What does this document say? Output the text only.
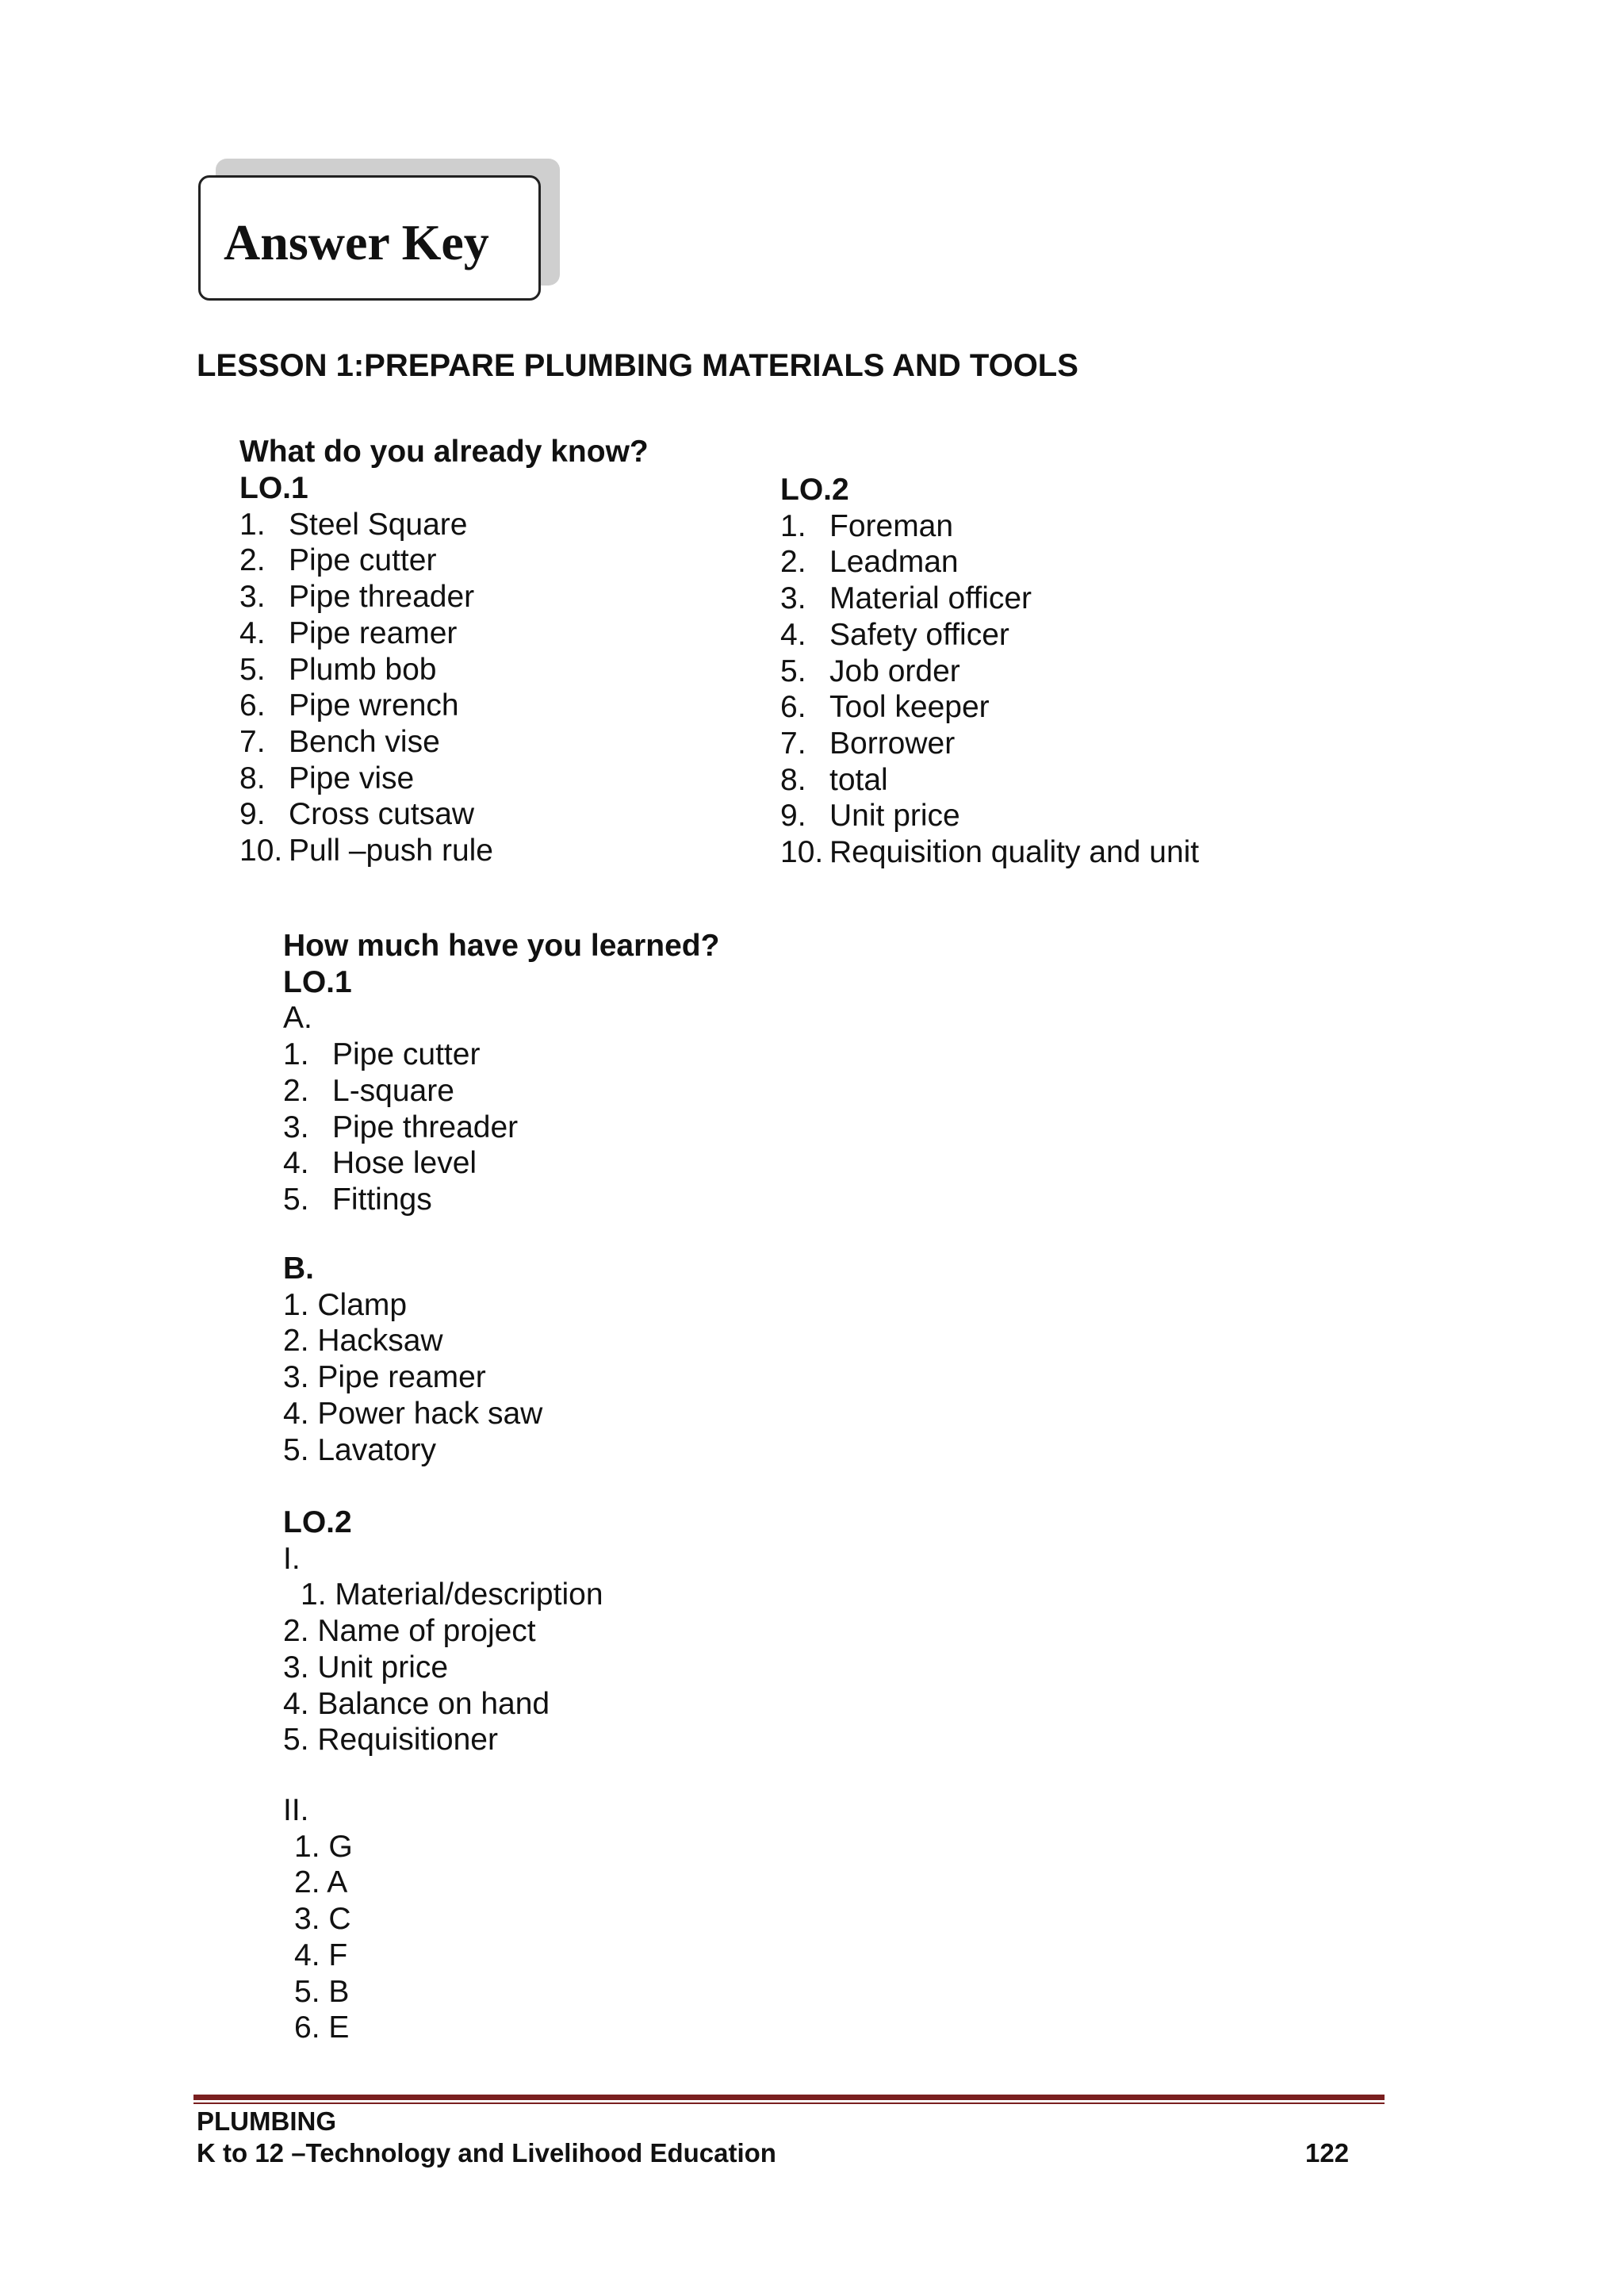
Answer Key
LESSON 1:PREPARE PLUMBING MATERIALS AND TOOLS
What do you already know?
LO.1
1. Steel Square
2. Pipe cutter
3. Pipe threader
4. Pipe reamer
5. Plumb bob
6. Pipe wrench
7. Bench vise
8. Pipe vise
9. Cross cutsaw
10. Pull –push rule
LO.2
1. Foreman
2. Leadman
3. Material officer
4. Safety officer
5. Job order
6. Tool keeper
7. Borrower
8. total
9. Unit price
10. Requisition quality and unit
How much have you learned?
LO.1
A.
1. Pipe cutter
2. L-square
3. Pipe threader
4. Hose level
5. Fittings
B.
1. Clamp
2. Hacksaw
3. Pipe reamer
4. Power hack saw
5. Lavatory
LO.2
I.
1. Material/description
2. Name of project
3. Unit price
4. Balance on hand
5. Requisitioner
II.
1. G
2. A
3. C
4. F
5. B
6. E
PLUMBING
K to 12 –Technology and Livelihood Education	122
